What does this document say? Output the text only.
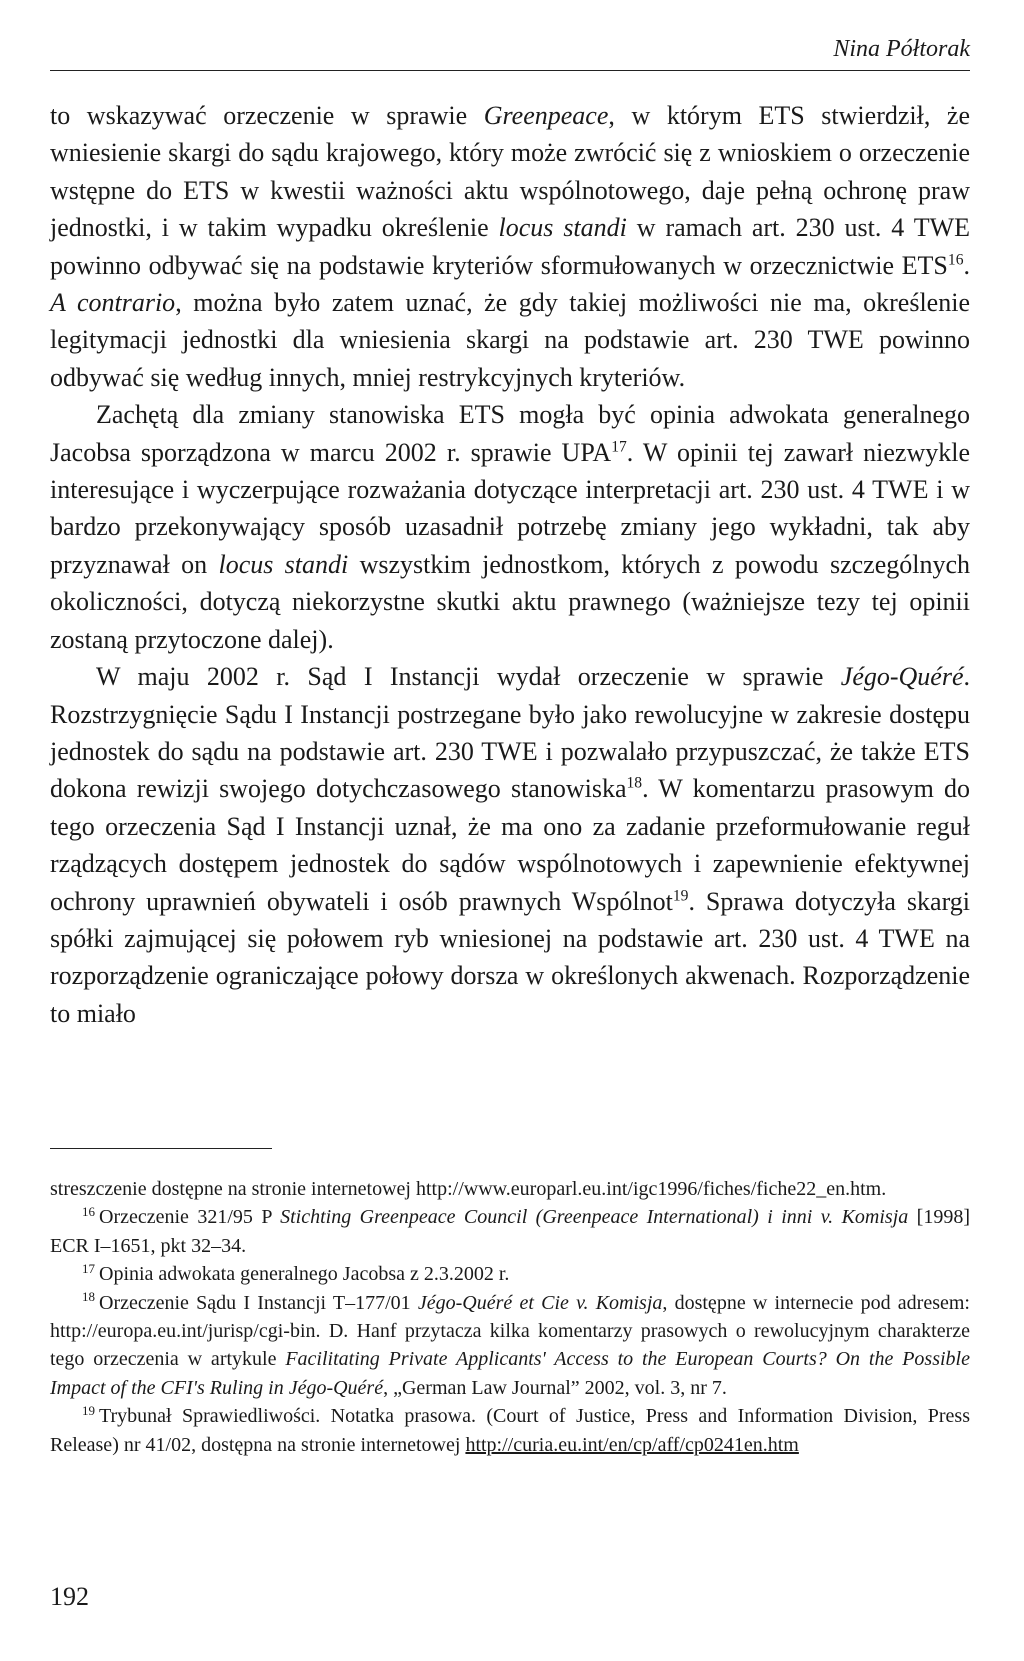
Nina Półtorak

to wskazywać orzeczenie w sprawie Greenpeace, w którym ETS stwierdził, że wniesienie skargi do sądu krajowego, który może zwrócić się z wnioskiem o orzeczenie wstępne do ETS w kwestii ważności aktu wspólnotowego, daje pełną ochronę praw jednostki, i w takim wypadku określenie locus standi w ramach art. 230 ust. 4 TWE powinno odbywać się na podstawie kryteriów sformułowanych w orzecznictwie ETS$^{16}$. A contrario, można było zatem uznać, że gdy takiej możliwości nie ma, określenie legitymacji jednostki dla wniesienia skargi na podstawie art. 230 TWE powinno odbywać się według innych, mniej restrykcyjnych kryteriów.

Zachętą dla zmiany stanowiska ETS mogła być opinia adwokata generalnego Jacobsa sporządzona w marcu 2002 r. sprawie UPA$^{17}$. W opinii tej zawarł niezwykle interesujące i wyczerpujące rozważania dotyczące interpretacji art. 230 ust. 4 TWE i w bardzo przekonywający sposób uzasadnił potrzebę zmiany jego wykładni, tak aby przyznawał on locus standi wszystkim jednostkom, których z powodu szczególnych okoliczności, dotyczą niekorzystne skutki aktu prawnego (ważniejsze tezy tej opinii zostaną przytoczone dalej).

W maju 2002 r. Sąd I Instancji wydał orzeczenie w sprawie Jégo-Quéré. Rozstrzygnięcie Sądu I Instancji postrzegane było jako rewolucyjne w zakresie dostępu jednostek do sądu na podstawie art. 230 TWE i pozwalało przypuszczać, że także ETS dokona rewizji swojego dotychczasowego stanowiska$^{18}$. W komentarzu prasowym do tego orzeczenia Sąd I Instancji uznał, że ma ono za zadanie przeformułowanie reguł rządzących dostępem jednostek do sądów wspólnotowych i zapewnienie efektywnej ochrony uprawnień obywateli i osób prawnych Wspólnot$^{19}$. Sprawa dotyczyła skargi spółki zajmującej się połowem ryb wniesionej na podstawie art. 230 ust. 4 TWE na rozporządzenie ograniczające połowy dorsza w określonych akwenach. Rozporządzenie to miało

streszczenie dostępne na stronie internetowej http://www.europarl.eu.int/igc1996/fiches/fiche22_en.htm.

$^{16}$ Orzeczenie 321/95 P Stichting Greenpeace Council (Greenpeace International) i inni v. Komisja [1998] ECR I–1651, pkt 32–34.

$^{17}$ Opinia adwokata generalnego Jacobsa z 2.3.2002 r.

$^{18}$ Orzeczenie Sądu I Instancji T–177/01 Jégo-Quéré et Cie v. Komisja, dostępne w internecie pod adresem: http://europa.eu.int/jurisp/cgi-bin. D. Hanf przytacza kilka komentarzy prasowych o rewolucyjnym charakterze tego orzeczenia w artykule Facilitating Private Applicants' Access to the European Courts? On the Possible Impact of the CFI's Ruling in Jégo-Quéré, „German Law Journal” 2002, vol. 3, nr 7.

$^{19}$ Trybunał Sprawiedliwości. Notatka prasowa. (Court of Justice, Press and Information Division, Press Release) nr 41/02, dostępna na stronie internetowej http://curia.eu.int/en/cp/aff/cp0241en.htm

192
